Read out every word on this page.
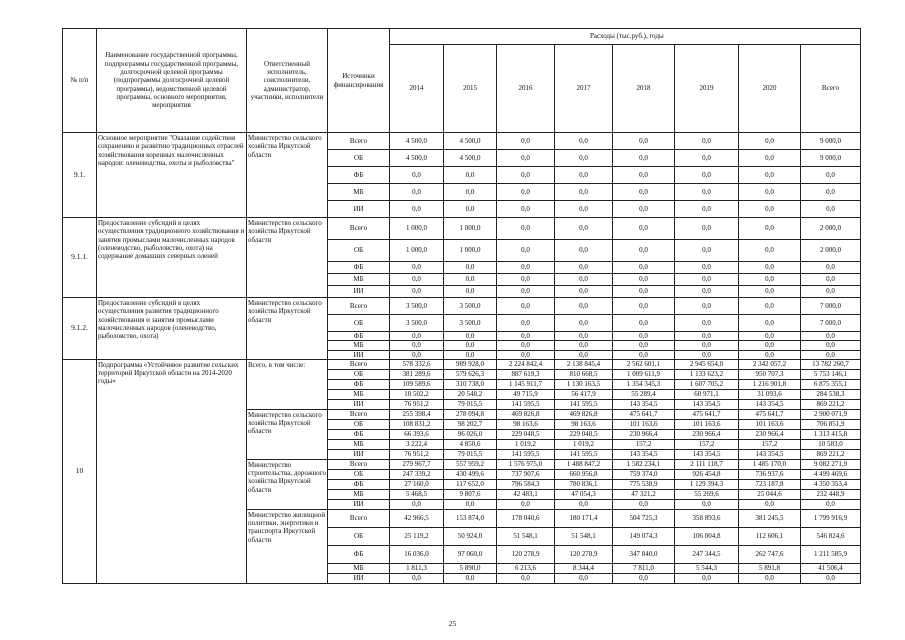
№ п/п	Наименование государственной программы, подпрограммы государственной программы, долгосрочной целевой программы (подпрограммы долгосрочной целевой программы), ведомственной целевой программы, основного мероприятия, мероприятия	Ответственный исполнитель, соисполнители, администратор, участники, исполнители	Источники финансирования	Расходы (тыс.руб.), годы							
				2014	2015	2016	2017	2018	2019	2020	Всего
9.1.	Основное мероприятие "Оказание содействия сохранению и развитию традиционных отраслей хозяйствования коренных малочисленных народов: оленеводства, охоты и рыболовства"	Министерство сельского хозяйства Иркутской области	Всего	4 500,0	4 500,0	0,0	0,0	0,0	0,0	0,0	9 000,0
			ОБ	4 500,0	4 500,0	0,0	0,0	0,0	0,0	0,0	9 000,0
			ФБ	0,0	0,0	0,0	0,0	0,0	0,0	0,0	0,0
			МБ	0,0	0,0	0,0	0,0	0,0	0,0	0,0	0,0
			ИИ	0,0	0,0	0,0	0,0	0,0	0,0	0,0	0,0
9.1.1.	Предоставление субсидий в целях осуществления традиционного хозяйствования и занятия промыслами малочисленных народов (оленеводство, рыболовство, охота) на содержание домашних северных оленей	Министерство сельского хозяйства Иркутской области	Всего	1 000,0	1 000,0	0,0	0,0	0,0	0,0	0,0	2 000,0
			ОБ	1 000,0	1 000,0	0,0	0,0	0,0	0,0	0,0	2 000,0
			ФБ	0,0	0,0	0,0	0,0	0,0	0,0	0,0	0,0
			МБ	0,0	0,0	0,0	0,0	0,0	0,0	0,0	0,0
			ИИ	0,0	0,0	0,0	0,0	0,0	0,0	0,0	0,0
9.1.2.	Предоставление субсидий в целях осуществления развития традиционного хозяйствования и занятия промыслами малочисленных народов (оленеводство, рыболовство, охота)	Министерство сельского хозяйства Иркутской области	Всего	3 500,0	3 500,0	0,0	0,0	0,0	0,0	0,0	7 000,0
			ОБ	3 500,0	3 500,0	0,0	0,0	0,0	0,0	0,0	7 000,0
			ФБ	0,0	0,0	0,0	0,0	0,0	0,0	0,0	0,0
			МБ	0,0	0,0	0,0	0,0	0,0	0,0	0,0	0,0
			ИИ	0,0	0,0	0,0	0,0	0,0	0,0	0,0	0,0
10	Подпрограмма «Устойчивое развитие сельских территорий Иркутской области на 2014-2020 годы»	Всего, в том числе:	Всего	578 332,6	989 928,0	2 224 842,4	2 138 845,4	2 562 601,1	2 945 654,0	2 342 057,2	13 782 260,7
			ОБ	381 289,6	579 626,3	887 619,3	810 668,5	1 009 611,9	1 133 623,2	950 707,3	5 753 146,1
			ФБ	109 589,6	310 738,0	1 145 911,7	1 130 163,5	1 354 345,3	1 607 705,2	1 216 901,8	6 875 355,1
			МБ	10 502,2	20 548,2	49 715,9	56 417,9	55 289,4	60 971,1	31 093,6	284 538,3
			ИИ	76 951,2	79 015,5	141 595,5	141 595,5	143 354,5	143 354,5	143 354,5	869 221,2
		Министерство сельского хозяйства Иркутской области	Всего	255 398,4	278 094,8	469 826,8	469 826,8	475 641,7	475 641,7	475 641,7	2 900 071,9
			ОБ	108 831,2	98 202,7	98 163,6	98 163,6	101 163,6	101 163,6	101 163,6	706 851,9
			ФБ	66 393,6	96 026,0	229 048,5	229 048,5	230 966,4	230 966,4	230 966,4	1 313 415,8
			МБ	3 222,4	4 850,6	1 019,2	1 019,2	157,2	157,2	157,2	10 583,0
			ИИ	76 951,2	79 015,5	141 595,5	141 595,5	143 354,5	143 354,5	143 354,5	869 221,2
		Министерство строительства, дорожного хозяйства Иркутской области	Всего	279 967,7	557 959,2	1 576 975,0	1 488 847,2	1 582 234,1	2 111 118,7	1 485 170,0	9 082 271,9
			ОБ	247 339,2	430 499,6	737 907,6	660 956,8	759 374,0	926 454,8	736 937,6	4 499 469,6
			ФБ	27 160,0	117 652,0	796 584,3	780 836,1	775 538,9	1 129 394,3	723 187,8	4 350 353,4
			МБ	5 468,5	9 807,6	42 483,1	47 054,3	47 321,2	55 269,6	25 044,6	232 448,9
			ИИ	0,0	0,0	0,0	0,0	0,0	0,0	0,0	0,0
		Министерство жилищной политики, энергетики и транспорта Иркутской области	Всего	42 966,5	153 874,0	178 040,6	180 171,4	504 725,3	358 893,6	381 245,5	1 799 916,9
			ОБ	25 119,2	50 924,0	51 548,1	51 548,1	149 074,3	106 004,8	112 606,1	546 824,6
			ФБ	16 036,0	97 060,0	120 278,9	120 278,9	347 840,0	247 344,5	262 747,6	1 211 585,9
			МБ	1 811,3	5 890,0	6 213,6	8 344,4	7 811,0	5 544,3	5 891,8	41 506,4
			ИИ	0,0	0,0	0,0	0,0	0,0	0,0	0,0	0,0
25
